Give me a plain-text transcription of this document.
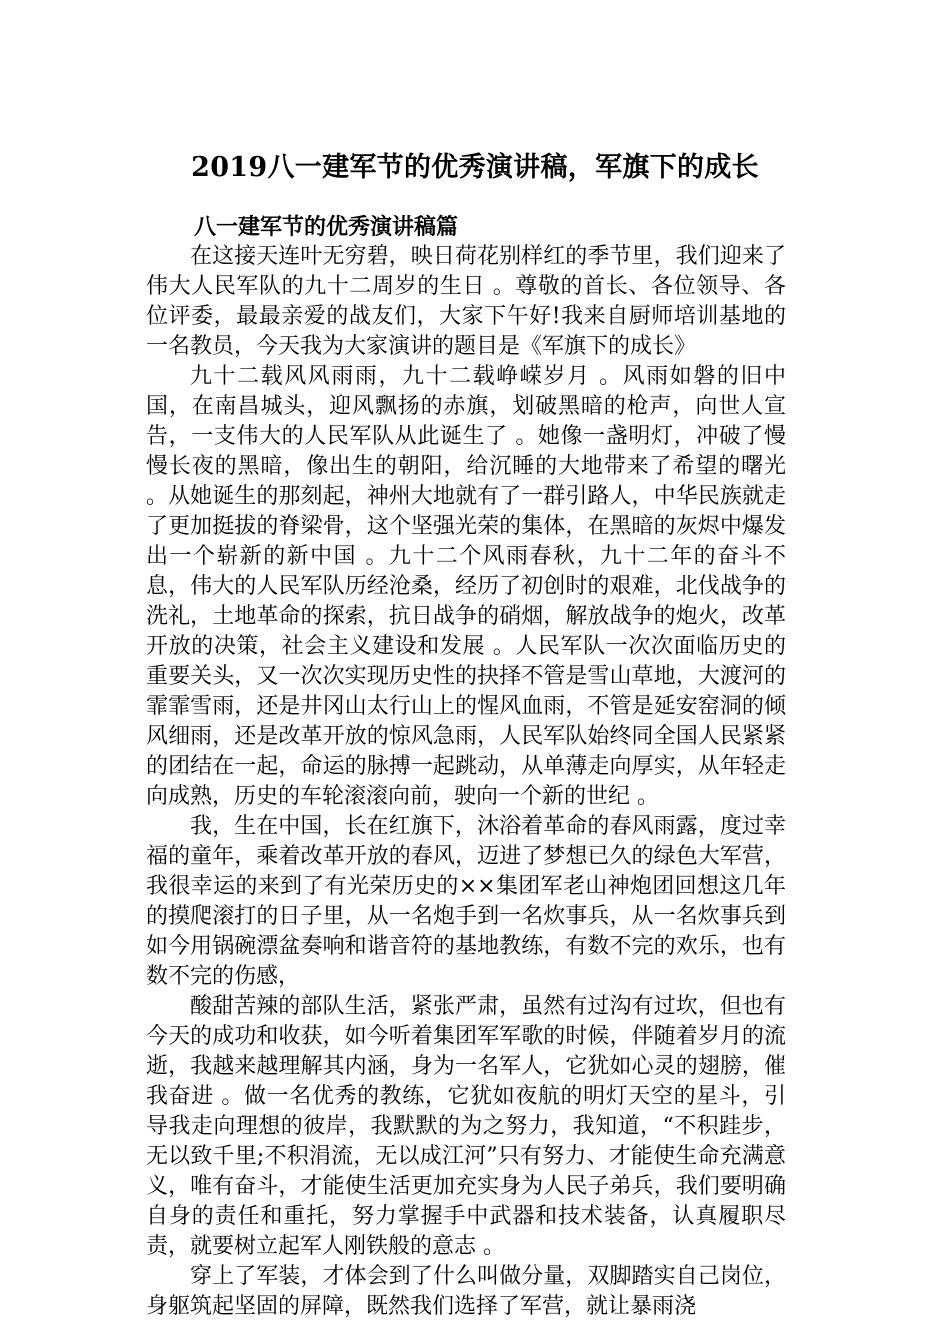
2019八一建军节的优秀演讲稿，军旗下的成长
八一建军节的优秀演讲稿篇

在这接天连叶无穷碧，映日荷花别样红的季节里，我们迎来了伟大人民军队的九十二周岁的生日 。尊敬的首长、各位领导、各位评委，最最亲爱的战友们，大家下午好!我来自厨师培训基地的一名教员，今天我为大家演讲的题目是《军旗下的成长》

九十二载风风雨雨，九十二载峥嵘岁月 。风雨如磐的旧中国，在南昌城头，迎风飘扬的赤旗，划破黑暗的枪声，向世人宣告，一支伟大的人民军队从此诞生了 。她像一盏明灯，冲破了慢慢长夜的黑暗，像出生的朝阳，给沉睡的大地带来了希望的曙光 。从她诞生的那刻起，神州大地就有了一群引路人，中华民族就走了更加挺拔的脊梁骨，这个坚强光荣的集体，在黑暗的灰烬中爆发出一个崭新的新中国 。九十二个风雨春秋，九十二年的奋斗不息，伟大的人民军队历经沧桑，经历了初创时的艰难，北伐战争的洗礼，土地革命的探索，抗日战争的硝烟，解放战争的炮火，改革开放的决策，社会主义建设和发展 。人民军队一次次面临历史的重要关头，又一次次实现历史性的抉择不管是雪山草地，大渡河的霏霏雪雨，还是井冈山太行山上的惺风血雨，不管是延安窑洞的倾风细雨，还是改革开放的惊风急雨，人民军队始终同全国人民紧紧的团结在一起，命运的脉搏一起跳动，从单薄走向厚实，从年轻走向成熟，历史的车轮滚滚向前，驶向一个新的世纪 。

我，生在中国，长在红旗下，沐浴着革命的春风雨露，度过幸福的童年，乘着改革开放的春风，迈进了梦想已久的绿色大军营，我很幸运的来到了有光荣历史的××集团军老山神炮团回想这几年的摸爬滚打的日子里，从一名炮手到一名炊事兵，从一名炊事兵到如今用锅碗漂盆奏响和谐音符的基地教练，有数不完的欢乐，也有数不完的伤感，

酸甜苦辣的部队生活，紧张严肃，虽然有过沟有过坎，但也有今天的成功和收获，如今听着集团军军歌的时候，伴随着岁月的流逝，我越来越理解其内涵，身为一名军人，它犹如心灵的翅膀，催我奋进 。做一名优秀的教练，它犹如夜航的明灯天空的星斗，引导我走向理想的彼岸，我默默的为之努力，我知道，“不积跬步，无以致千里;不积涓流，无以成江河”只有努力、才能使生命充满意义，唯有奋斗，才能使生活更加充实身为人民子弟兵，我们要明确自身的责任和重托，努力掌握手中武器和技术装备，认真履职尽责，就要树立起军人刚铁般的意志 。

穿上了军装，才体会到了什么叫做分量，双脚踏实自己岗位，身躯筑起坚固的屏障，既然我们选择了军营，就让暴雨浇
